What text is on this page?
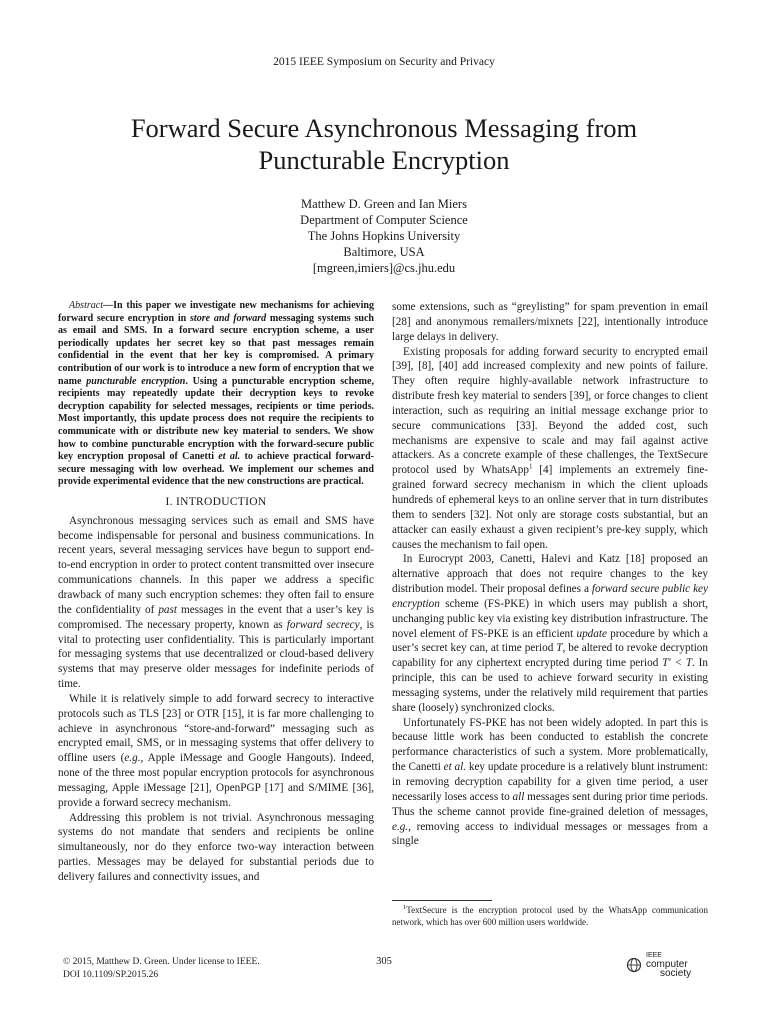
2015 IEEE Symposium on Security and Privacy
Forward Secure Asynchronous Messaging from
Puncturable Encryption
Matthew D. Green and Ian Miers
Department of Computer Science
The Johns Hopkins University
Baltimore, USA
[mgreen,imiers]@cs.jhu.edu

Abstract—In this paper we investigate new mechanisms for achieving forward secure encryption in store and forward messaging systems such as email and SMS. In a forward secure encryption scheme, a user periodically updates her secret key so that past messages remain confidential in the event that her key is compromised. A primary contribution of our work is to introduce a new form of encryption that we name puncturable encryption. Using a puncturable encryption scheme, recipients may repeatedly update their decryption keys to revoke decryption capability for selected messages, recipients or time periods. Most importantly, this update process does not require the recipients to communicate with or distribute new key material to senders. We show how to combine puncturable encryption with the forward-secure public key encryption proposal of Canetti et al. to achieve practical forward-secure messaging with low overhead. We implement our schemes and provide experimental evidence that the new constructions are practical.

I. INTRODUCTION

Asynchronous messaging services such as email and SMS have become indispensable for personal and business communications. In recent years, several messaging services have begun to support end-to-end encryption in order to protect content transmitted over insecure communications channels. In this paper we address a specific drawback of many such encryption schemes: they often fail to ensure the confidentiality of past messages in the event that a user’s key is compromised. The necessary property, known as forward secrecy, is vital to protecting user confidentiality. This is particularly important for messaging systems that use decentralized or cloud-based delivery systems that may preserve older messages for indefinite periods of time.

While it is relatively simple to add forward secrecy to interactive protocols such as TLS [23] or OTR [15], it is far more challenging to achieve in asynchronous “store-and-forward” messaging such as encrypted email, SMS, or in messaging systems that offer delivery to offline users (e.g., Apple iMessage and Google Hangouts). Indeed, none of the three most popular encryption protocols for asynchronous messaging, Apple iMessage [21], OpenPGP [17] and S/MIME [36], provide a forward secrecy mechanism.

Addressing this problem is not trivial. Asynchronous messaging systems do not mandate that senders and recipients be online simultaneously, nor do they enforce two-way interaction between parties. Messages may be delayed for substantial periods due to delivery failures and connectivity issues, and

some extensions, such as “greylisting” for spam prevention in email [28] and anonymous remailers/mixnets [22], intentionally introduce large delays in delivery.

Existing proposals for adding forward security to encrypted email [39], [8], [40] add increased complexity and new points of failure. They often require highly-available network infrastructure to distribute fresh key material to senders [39], or force changes to client interaction, such as requiring an initial message exchange prior to secure communications [33]. Beyond the added cost, such mechanisms are expensive to scale and may fail against active attackers. As a concrete example of these challenges, the TextSecure protocol used by WhatsApp$^1$ [4] implements an extremely fine-grained forward secrecy mechanism in which the client uploads hundreds of ephemeral keys to an online server that in turn distributes them to senders [32]. Not only are storage costs substantial, but an attacker can easily exhaust a given recipient’s pre-key supply, which causes the mechanism to fail open.

In Eurocrypt 2003, Canetti, Halevi and Katz [18] proposed an alternative approach that does not require changes to the key distribution model. Their proposal defines a forward secure public key encryption scheme (FS-PKE) in which users may publish a short, unchanging public key via existing key distribution infrastructure. The novel element of FS-PKE is an efficient update procedure by which a user’s secret key can, at time period T, be altered to revoke decryption capability for any ciphertext encrypted during time period T′ < T. In principle, this can be used to achieve forward security in existing messaging systems, under the relatively mild requirement that parties share (loosely) synchronized clocks.

Unfortunately FS-PKE has not been widely adopted. In part this is because little work has been conducted to establish the concrete performance characteristics of such a system. More problematically, the Canetti et al. key update procedure is a relatively blunt instrument: in removing decryption capability for a given time period, a user necessarily loses access to all messages sent during prior time periods. Thus the scheme cannot provide fine-grained deletion of messages, e.g., removing access to individual messages or messages from a single

$^1$TextSecure is the encryption protocol used by the WhatsApp communication network, which has over 600 million users worldwide.
© 2015, Matthew D. Green. Under license to IEEE.
DOI 10.1109/SP.2015.26
305
IEEE
computer
society
